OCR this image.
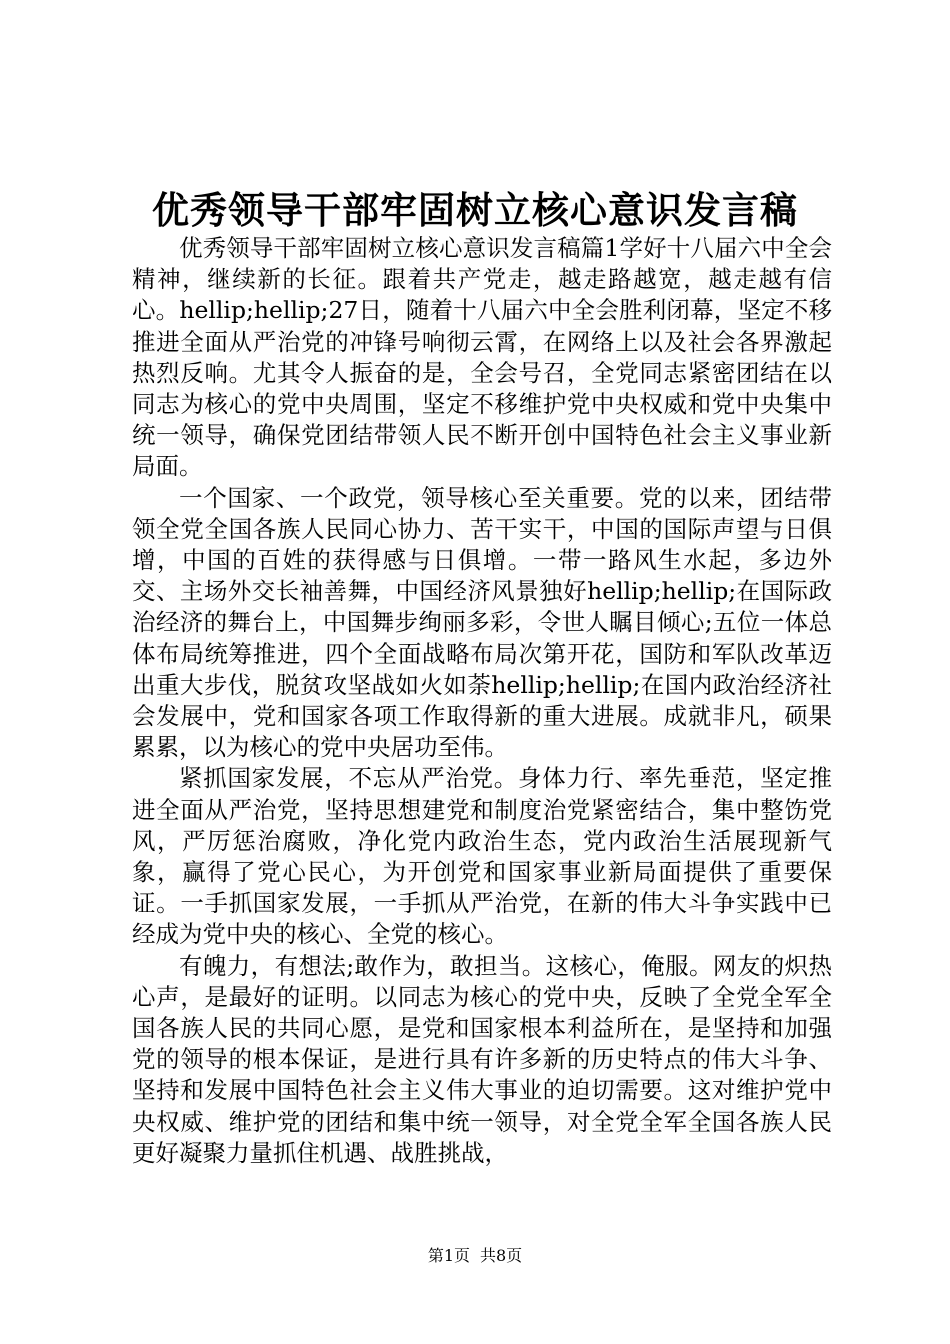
优秀领导干部牢固树立核心意识发言稿

优秀领导干部牢固树立核心意识发言稿篇1学好十八届六中全会精神，继续新的长征。跟着共产党走，越走路越宽，越走越有信心。hellip;hellip;27日，随着十八届六中全会胜利闭幕，坚定不移推进全面从严治党的冲锋号响彻云霄，在网络上以及社会各界激起热烈反响。尤其令人振奋的是，全会号召，全党同志紧密团结在以同志为核心的党中央周围，坚定不移维护党中央权威和党中央集中统一领导，确保党团结带领人民不断开创中国特色社会主义事业新局面。

一个国家、一个政党，领导核心至关重要。党的以来，团结带领全党全国各族人民同心协力、苦干实干，中国的国际声望与日俱增，中国的百姓的获得感与日俱增。一带一路风生水起，多边外交、主场外交长袖善舞，中国经济风景独好hellip;hellip;在国际政治经济的舞台上，中国舞步绚丽多彩，令世人瞩目倾心;五位一体总体布局统筹推进，四个全面战略布局次第开花，国防和军队改革迈出重大步伐，脱贫攻坚战如火如荼hellip;hellip;在国内政治经济社会发展中，党和国家各项工作取得新的重大进展。成就非凡，硕果累累，以为核心的党中央居功至伟。

紧抓国家发展，不忘从严治党。身体力行、率先垂范，坚定推进全面从严治党，坚持思想建党和制度治党紧密结合，集中整饬党风，严厉惩治腐败，净化党内政治生态，党内政治生活展现新气象，赢得了党心民心，为开创党和国家事业新局面提供了重要保证。一手抓国家发展，一手抓从严治党，在新的伟大斗争实践中已经成为党中央的核心、全党的核心。

有魄力，有想法;敢作为，敢担当。这核心，俺服。网友的炽热心声，是最好的证明。以同志为核心的党中央，反映了全党全军全国各族人民的共同心愿，是党和国家根本利益所在，是坚持和加强党的领导的根本保证，是进行具有许多新的历史特点的伟大斗争、坚持和发展中国特色社会主义伟大事业的迫切需要。这对维护党中央权威、维护党的团结和集中统一领导，对全党全军全国各族人民更好凝聚力量抓住机遇、战胜挑战，

第1页 共8页
